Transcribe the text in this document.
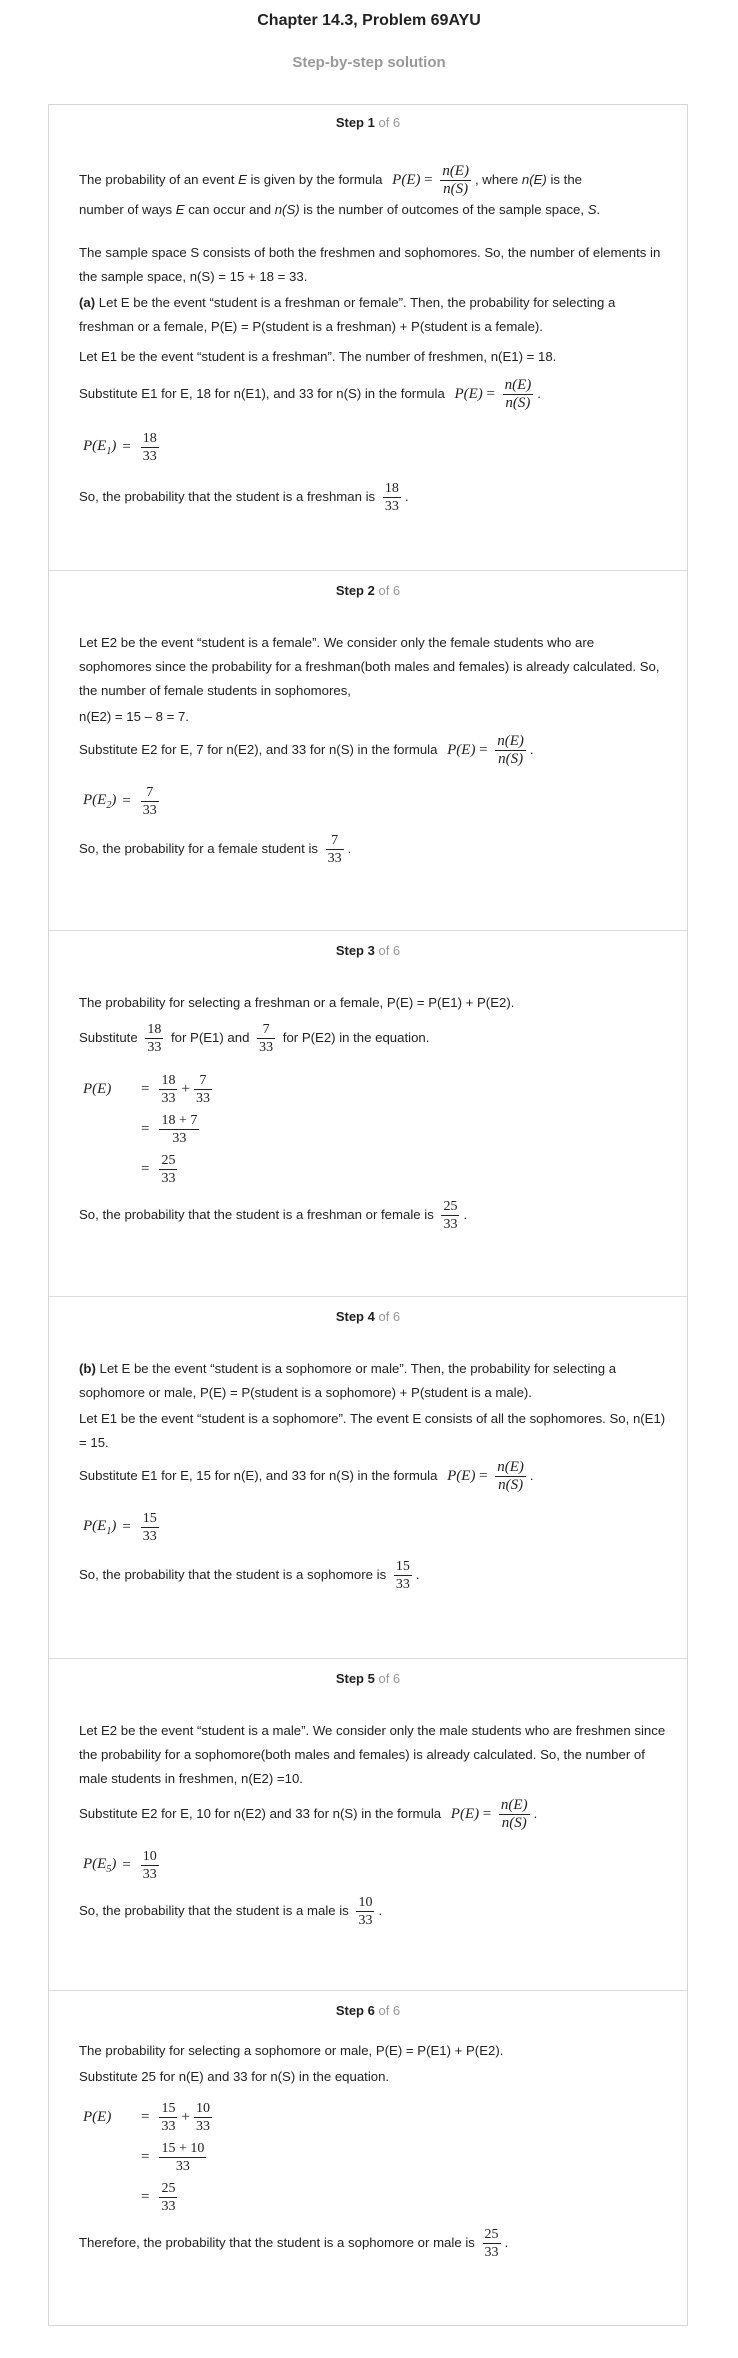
Chapter 14.3, Problem 69AYU
Step-by-step solution
Step 1 of 6
The probability of an event E is given by the formula $P(E) = \frac{n(E)}{n(S)}$ , where n(E) is the
number of ways E can occur and n(S) is the number of outcomes of the sample space, S.
The sample space S consists of both the freshmen and sophomores. So, the number of elements in the sample space, n(S) = 15 + 18 = 33.
(a) Let E be the event “student is a freshman or female”. Then, the probability for selecting a freshman or a female, P(E) = P(student is a freshman) + P(student is a female).
Let E1 be the event “student is a freshman”. The number of freshmen, n(E1) = 18.
Substitute E1 for E, 18 for n(E1), and 33 for n(S) in the formula $P(E) = \frac{n(E)}{n(S)}$ .
$P(E_1) = \frac{18}{33}$
So, the probability that the student is a freshman is $\frac{18}{33}$ .
Step 2 of 6
Let E2 be the event “student is a female”. We consider only the female students who are sophomores since the probability for a freshman(both males and females) is already calculated. So, the number of female students in sophomores,
n(E2) = 15 – 8 = 7.
Substitute E2 for E, 7 for n(E2), and 33 for n(S) in the formula $P(E) = \frac{n(E)}{n(S)}$ .
$P(E_2) = \frac{7}{33}$
So, the probability for a female student is $\frac{7}{33}$ .
Step 3 of 6
The probability for selecting a freshman or a female, P(E) = P(E1) + P(E2).
Substitute $\frac{18}{33}$ for P(E1) and $\frac{7}{33}$ for P(E2) in the equation.
P(E)	= $\frac{18}{33} + \frac{7}{33}$
= $\frac{18 + 7}{33}$
= $\frac{25}{33}$
So, the probability that the student is a freshman or female is $\frac{25}{33}$ .
Step 4 of 6
(b) Let E be the event “student is a sophomore or male”. Then, the probability for selecting a sophomore or male, P(E) = P(student is a sophomore) + P(student is a male).
Let E1 be the event “student is a sophomore”. The event E consists of all the sophomores. So, n(E1) = 15.
Substitute E1 for E, 15 for n(E), and 33 for n(S) in the formula $P(E) = \frac{n(E)}{n(S)}$ .
$P(E_1) = \frac{15}{33}$
So, the probability that the student is a sophomore is $\frac{15}{33}$ .
Step 5 of 6
Let E2 be the event “student is a male”. We consider only the male students who are freshmen since the probability for a sophomore(both males and females) is already calculated. So, the number of male students in freshmen, n(E2) =10.
Substitute E2 for E, 10 for n(E2) and 33 for n(S) in the formula $P(E) = \frac{n(E)}{n(S)}$ .
$P(E_5) = \frac{10}{33}$
So, the probability that the student is a male is $\frac{10}{33}$ .
Step 6 of 6
The probability for selecting a sophomore or male, P(E) = P(E1) + P(E2).
Substitute 25 for n(E) and 33 for n(S) in the equation.
P(E)	= $\frac{15}{33} + \frac{10}{33}$
= $\frac{15 + 10}{33}$
= $\frac{25}{33}$
Therefore, the probability that the student is a sophomore or male is $\frac{25}{33}$ .
